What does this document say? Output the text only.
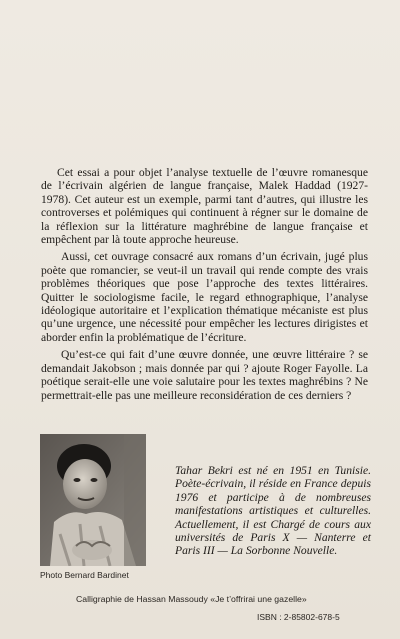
Cet essai a pour objet l’analyse textuelle de l’œuvre romanesque de l’écrivain algérien de langue française, Malek Haddad (1927-1978). Cet auteur est un exemple, parmi tant d’autres, qui illustre les controverses et polémiques qui continuent à régner sur le domaine de la réflexion sur la littérature maghrébine de langue française et empêchent par là toute approche heureuse.

Aussi, cet ouvrage consacré aux romans d’un écrivain, jugé plus poète que romancier, se veut-il un travail qui rende compte des vrais problèmes théoriques que pose l’approche des textes littéraires. Quitter le sociologisme facile, le regard ethnographique, l’analyse idéologique autoritaire et l’explication thématique mécaniste est plus qu’une urgence, une nécessité pour empêcher les lectures dirigistes et aborder enfin la problématique de l’écriture.

Qu’est-ce qui fait d’une œuvre donnée, une œuvre littéraire ? se demandait Jakobson ; mais donnée par qui ? ajoute Roger Fayolle. La poétique serait-elle une voie salutaire pour les textes maghrébins ? Ne permettrait-elle pas une meilleure reconsidération de ces derniers ?

Photo Bernard Bardinet
Tahar Bekri est né en 1951 en Tunisie. Poète-écrivain, il réside en France depuis 1976 et participe à de nombreuses manifestations artistiques et culturelles. Actuellement, il est Chargé de cours aux universités de Paris X — Nanterre et Paris III — La Sorbonne Nouvelle.
Calligraphie de Hassan Massoudy «Je t’offrirai une gazelle»
ISBN : 2-85802-678-5
